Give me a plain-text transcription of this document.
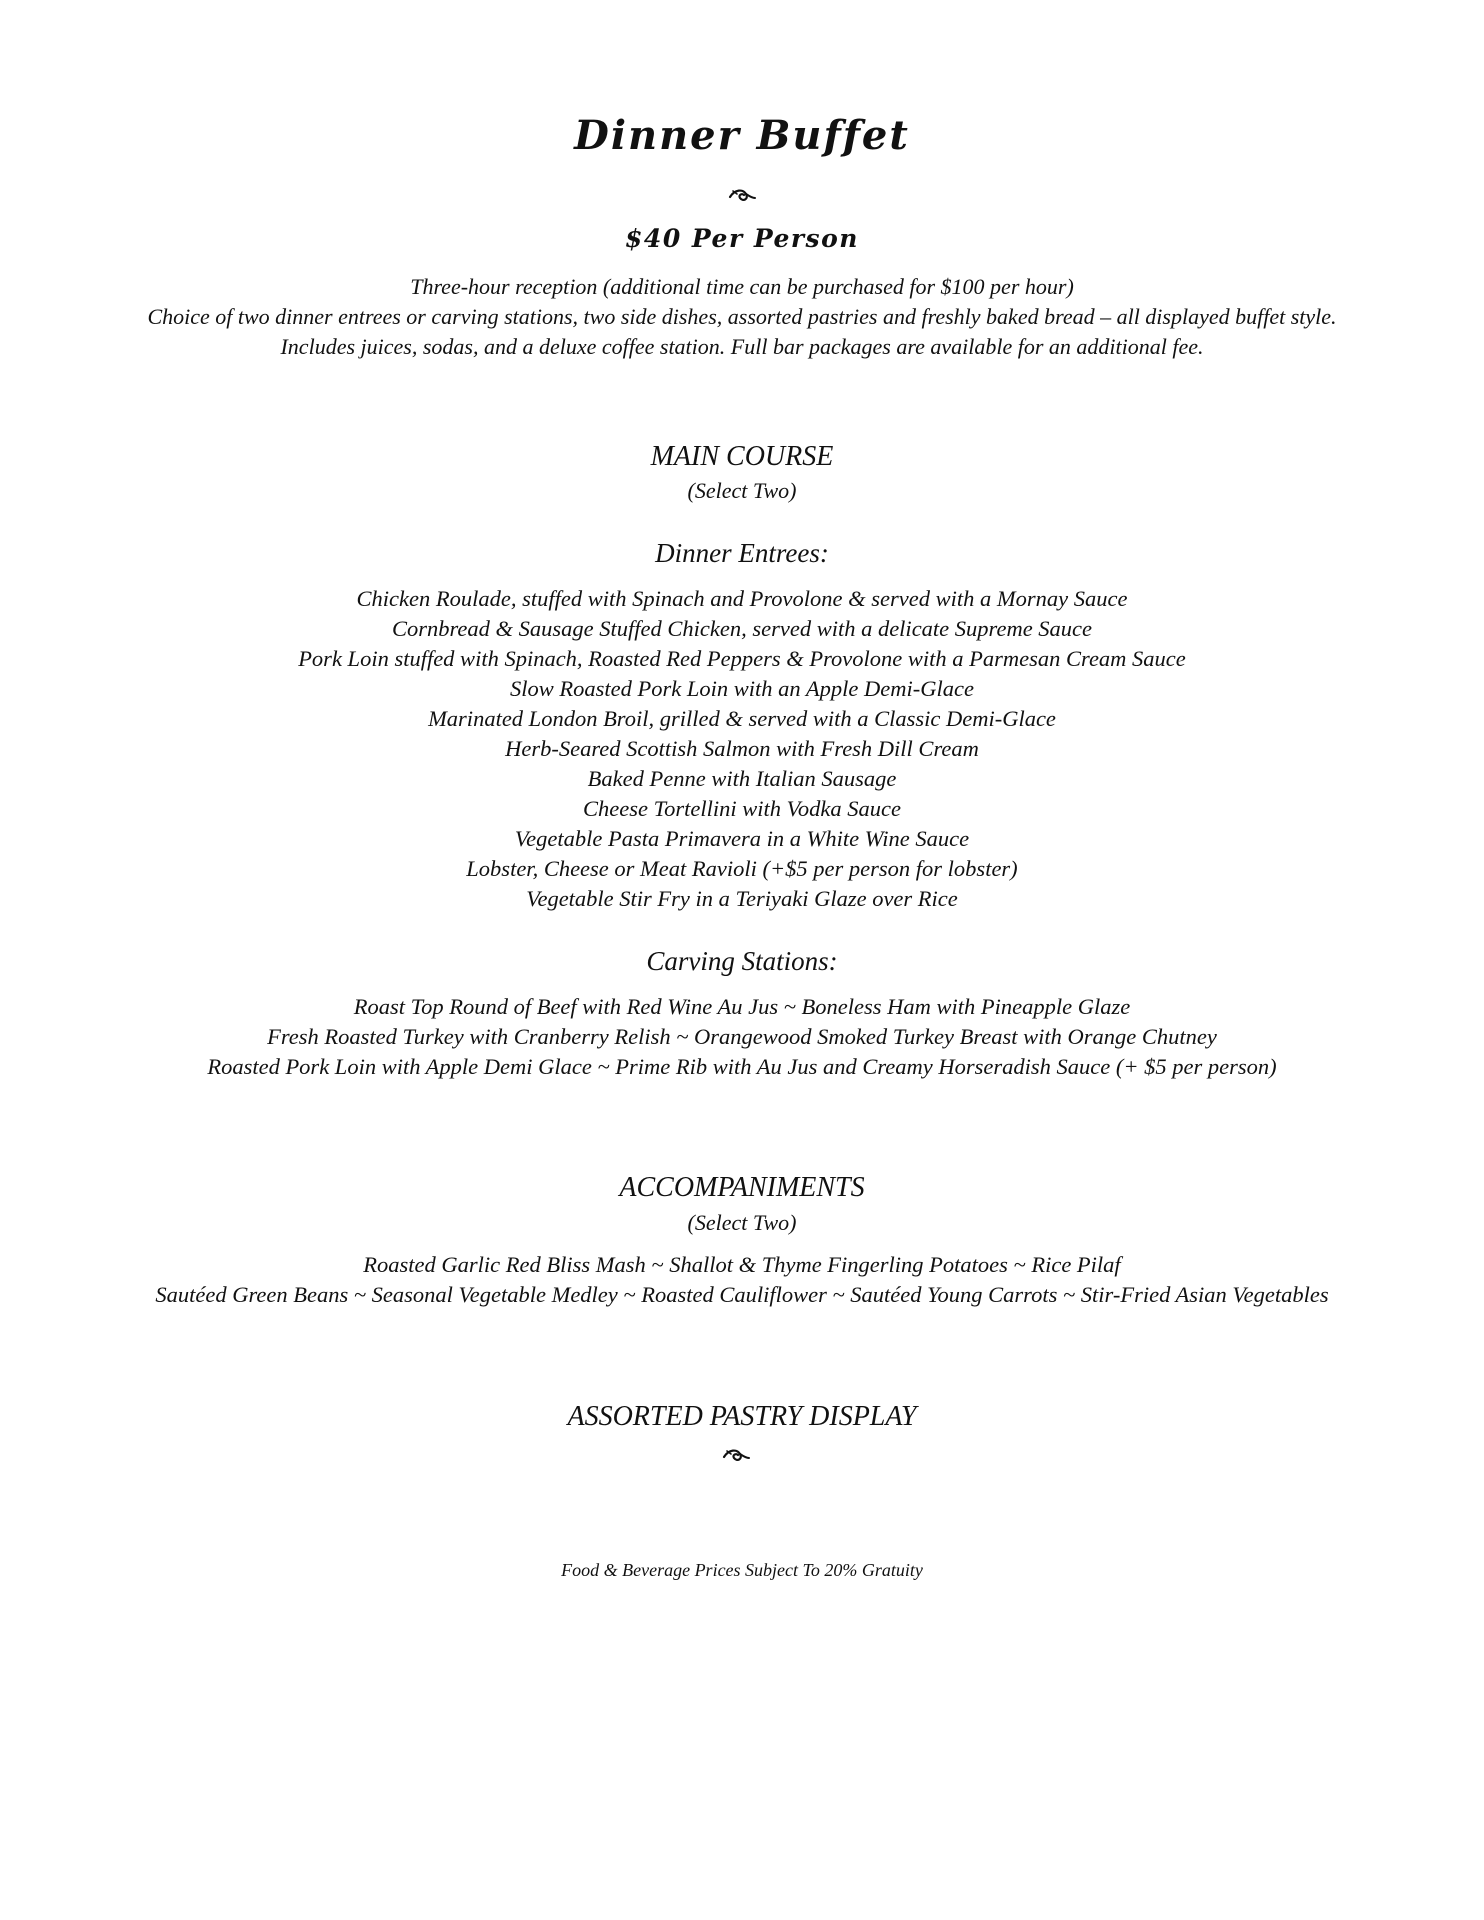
Dinner Buffet
$40 Per Person
Three-hour reception (additional time can be purchased for $100 per hour)
Choice of two dinner entrees or carving stations, two side dishes, assorted pastries and freshly baked bread – all displayed buffet style.
Includes juices, sodas, and a deluxe coffee station. Full bar packages are available for an additional fee.
MAIN COURSE
(Select Two)
Dinner Entrees:
Chicken Roulade, stuffed with Spinach and Provolone & served with a Mornay Sauce
Cornbread & Sausage Stuffed Chicken, served with a delicate Supreme Sauce
Pork Loin stuffed with Spinach, Roasted Red Peppers & Provolone with a Parmesan Cream Sauce
Slow Roasted Pork Loin with an Apple Demi-Glace
Marinated London Broil, grilled & served with a Classic Demi-Glace
Herb-Seared Scottish Salmon with Fresh Dill Cream
Baked Penne with Italian Sausage
Cheese Tortellini with Vodka Sauce
Vegetable Pasta Primavera in a White Wine Sauce
Lobster, Cheese or Meat Ravioli (+$5 per person for lobster)
Vegetable Stir Fry in a Teriyaki Glaze over Rice
Carving Stations:
Roast Top Round of Beef with Red Wine Au Jus ~ Boneless Ham with Pineapple Glaze
Fresh Roasted Turkey with Cranberry Relish ~ Orangewood Smoked Turkey Breast with Orange Chutney
Roasted Pork Loin with Apple Demi Glace ~ Prime Rib with Au Jus and Creamy Horseradish Sauce (+ $5 per person)
ACCOMPANIMENTS
(Select Two)
Roasted Garlic Red Bliss Mash ~ Shallot & Thyme Fingerling Potatoes ~ Rice Pilaf
Sautéed Green Beans ~ Seasonal Vegetable Medley ~ Roasted Cauliflower ~ Sautéed Young Carrots ~ Stir-Fried Asian Vegetables
ASSORTED PASTRY DISPLAY
Food & Beverage Prices Subject To 20% Gratuity
